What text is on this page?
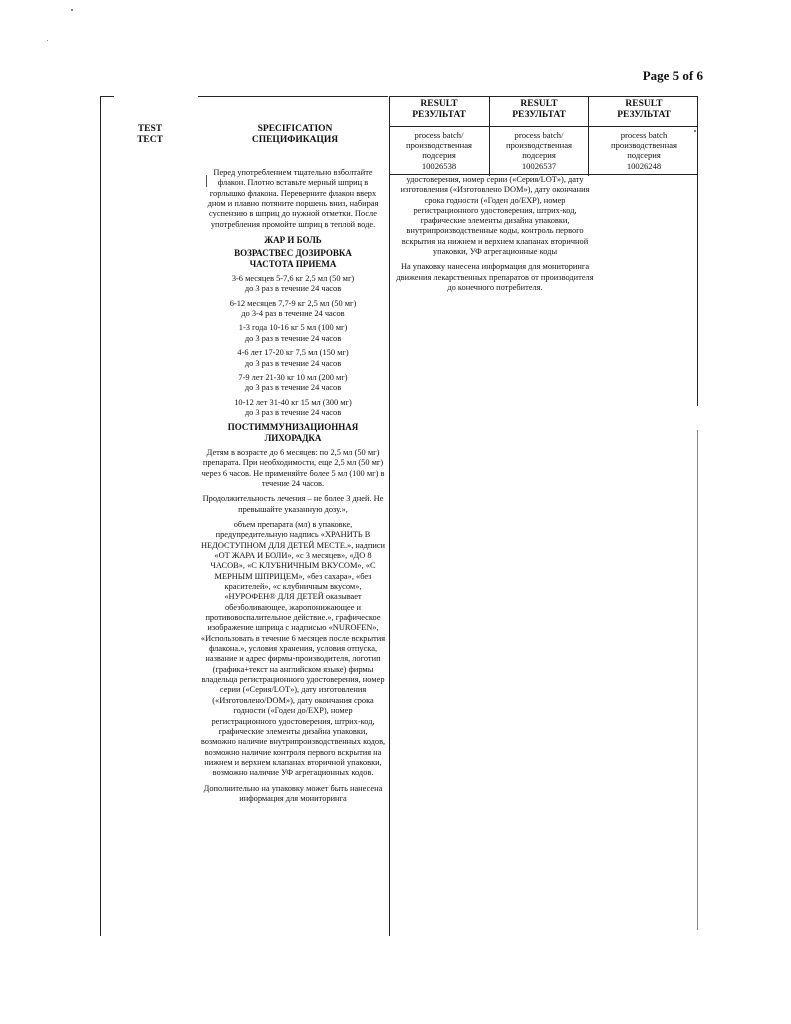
Page 5 of 6
TEST
ТЕСТ
SPECIFICATION
СПЕЦИФИКАЦИЯ
RESULT
РЕЗУЛЬТАТ
RESULT
РЕЗУЛЬТАТ
RESULT
РЕЗУЛЬТАТ
process batch/
производственная
подсерия
10026538
process batch/
производственная
подсерия
10026537
process batch
производственная
подсерия
10026248

Перед употреблением тщательно взболтайте флакон. Плотно вставьте мерный шприц в горлышко флакона. Переверните флакон вверх дном и плавно потяните поршень вниз, набирая суспензию в шприц до нужной отметки. После употребления промойте шприц в теплой воде.

ЖАР И БОЛЬ

ВОЗРАСТВЕС ДОЗИРОВКА

ЧАСТОТА ПРИЕМА

3-6 месяцев 5-7,6 кг 2,5 мл (50 мг)
до 3 раз в течение 24 часов
6-12 месяцев 7,7-9 кг 2,5 мл (50 мг)
до 3-4 раз в течение 24 часов
1-3 года 10-16 кг 5 мл (100 мг)
до 3 раз в течение 24 часов
4-6 лет 17-20 кг 7,5 мл (150 мг)
до 3 раз в течение 24 часов
7-9 лет 21-30 кг 10 мл (200 мг)
до 3 раз в течение 24 часов
10-12 лет 31-40 кг 15 мл (300 мг)
до 3 раз в течение 24 часов

ПОСТИММУНИЗАЦИОННАЯ ЛИХОРАДКА

Детям в возрасте до 6 месяцев: по 2,5 мл (50 мг) препарата. При необходимости, еще 2,5 мл (50 мг) через 6 часов. Не применяйте более 5 мл (100 мг) в течение 24 часов.

Продолжительность лечения – не более 3 дней. Не превышайте указанную дозу.»,

объем препарата (мл) в упаковке, предупредительную надпись «ХРАНИТЬ В НЕДОСТУПНОМ ДЛЯ ДЕТЕЙ МЕСТЕ.», надписи «ОТ ЖАРА И БОЛИ», «с 3 месяцев», «ДО 8 ЧАСОВ», «С КЛУБНИЧНЫМ ВКУСОМ», «С МЕРНЫМ ШПРИЦЕМ», «без сахара», «без красителей», «с клубничным вкусом», «НУРОФЕН® ДЛЯ ДЕТЕЙ оказывает обезболивающее, жаропонижающее и противовоспалительное действие.», графическое изображение шприца с надписью «NUROFEN», «Использовать в течение 6 месяцев после вскрытия флакона.», условия хранения, условия отпуска, название и адрес фирмы-производителя, логотип (графика+текст на английском языке) фирмы владельца регистрационного удостоверения, номер серии («Серия/LOT»), дату изготовления («Изготовлено/DOM»), дату окончания срока годности («Годен до/EXP), номер регистрационного удостоверения, штрих-код, графические элементы дизайна упаковки, возможно наличие внутрипроизводственных кодов, возможно наличие контроля первого вскрытия на нижнем и верхнем клапанах вторичной упаковки, возможно наличие УФ агрегационных кодов.

Дополнительно на упаковку может быть нанесена информация для мониторинга

удостоверения, номер серии («Серия/LOT»), дату изготовления («Изготовлено DOM»), дату окончания срока годности («Годен до/EXP), номер регистрационного удостоверения, штрих-код, графические элементы дизайна упаковки, внутрипроизводственные коды, контроль первого вскрытия на нижнем и верхнем клапанах вторичной упаковки, УФ агрегационные коды

На упаковку нанесена информация для мониторинга движения лекарственных препаратов от производителя до конечного потребителя.
